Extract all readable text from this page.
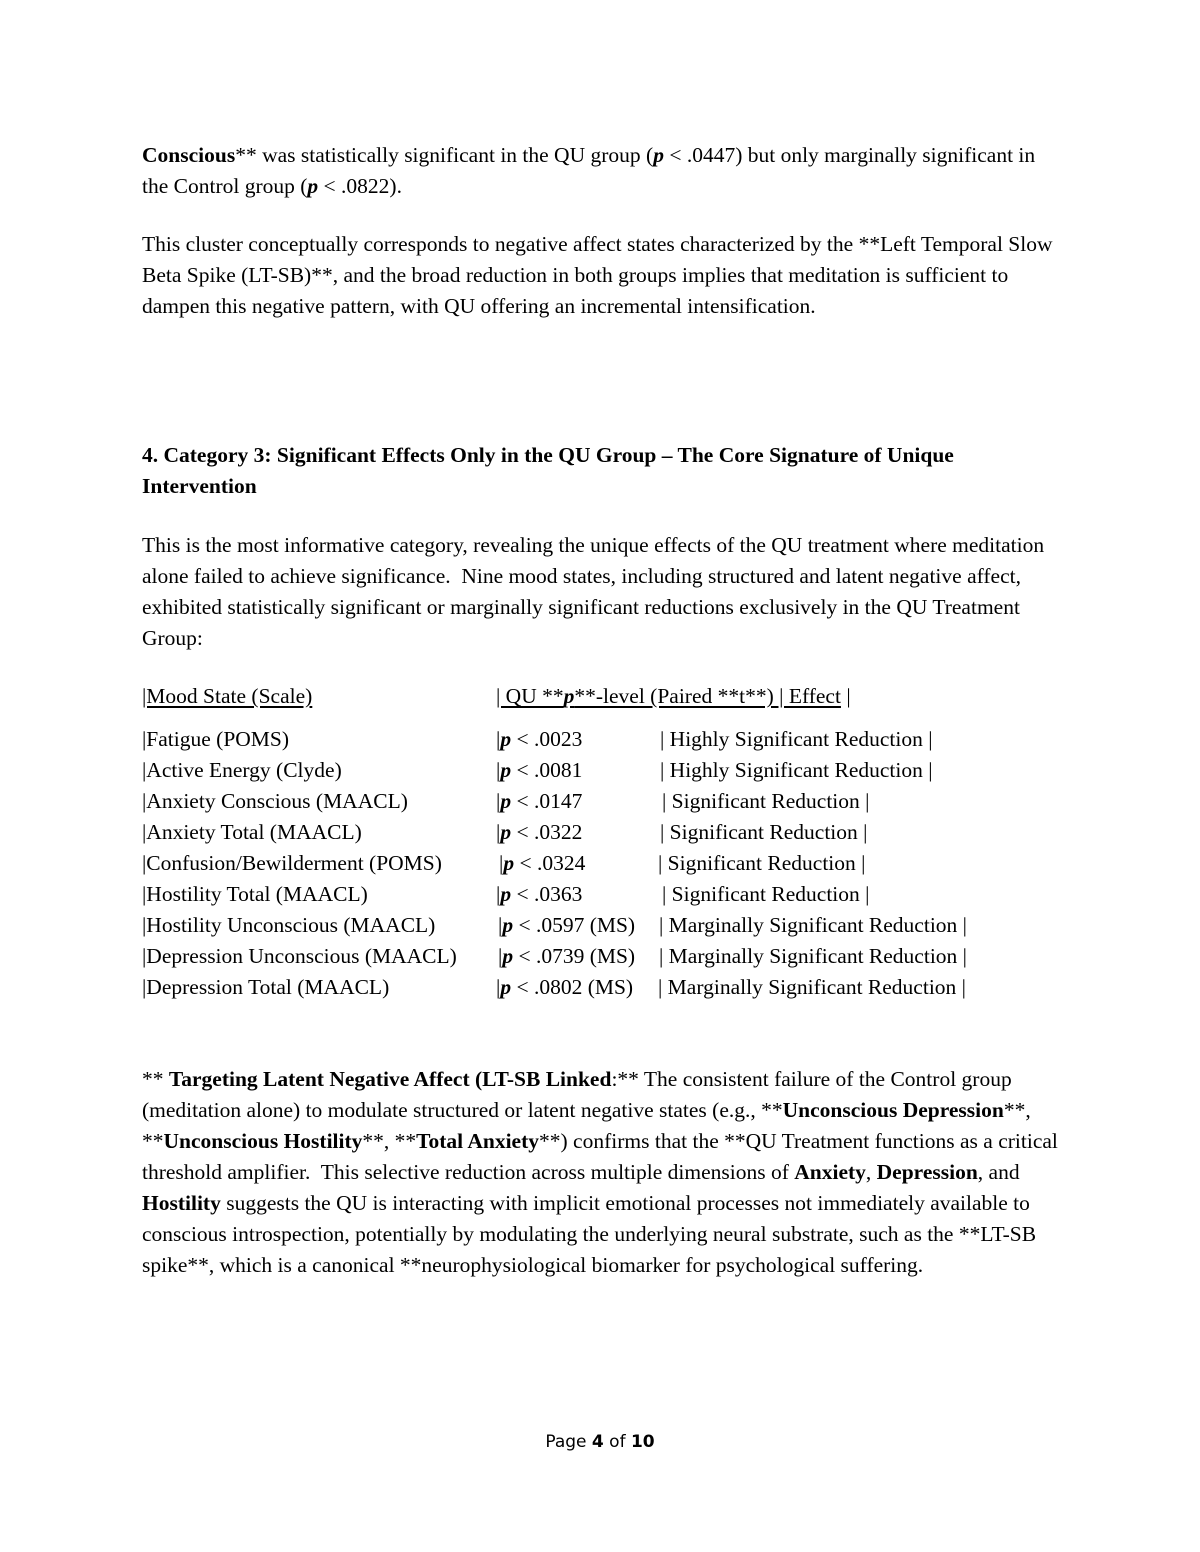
Conscious** was statistically significant in the QU group (p < .0447) but only marginally significant in the Control group (p < .0822).

This cluster conceptually corresponds to negative affect states characterized by the **Left Temporal Slow Beta Spike (LT-SB)**, and the broad reduction in both groups implies that meditation is sufficient to dampen this negative pattern, with QU offering an incremental intensification.

4. Category 3: Significant Effects Only in the QU Group – The Core Signature of Unique Intervention

This is the most informative category, revealing the unique effects of the QU treatment where meditation alone failed to achieve significance.  Nine mood states, including structured and latent negative affect, exhibited statistically significant or marginally significant reductions exclusively in the QU Treatment Group:

|Mood State (Scale)	| QU **p**-level (Paired **t**) | Effect |
|Fatigue (POMS)	|p < .0023	| Highly Significant Reduction |
|Active Energy (Clyde)	|p < .0081	| Highly Significant Reduction |
|Anxiety Conscious (MAACL)	|p < .0147	| Significant Reduction |
|Anxiety Total (MAACL)	|p < .0322	| Significant Reduction |
|Confusion/Bewilderment (POMS)	|p < .0324	| Significant Reduction |
|Hostility Total (MAACL)	|p < .0363	| Significant Reduction |
|Hostility Unconscious (MAACL)	|p < .0597 (MS) | Marginally Significant Reduction |
|Depression Unconscious (MAACL) |p < .0739 (MS) | Marginally Significant Reduction |
|Depression Total (MAACL)	|p < .0802 (MS) | Marginally Significant Reduction |

** Targeting Latent Negative Affect (LT-SB Linked:** The consistent failure of the Control group (meditation alone) to modulate structured or latent negative states (e.g., **Unconscious Depression**, **Unconscious Hostility**, **Total Anxiety**) confirms that the **QU Treatment functions as a critical threshold amplifier.  This selective reduction across multiple dimensions of Anxiety, Depression, and Hostility suggests the QU is interacting with implicit emotional processes not immediately available to conscious introspection, potentially by modulating the underlying neural substrate, such as the **LT-SB spike**, which is a canonical **neurophysiological biomarker for psychological suffering.

Page 4 of 10
